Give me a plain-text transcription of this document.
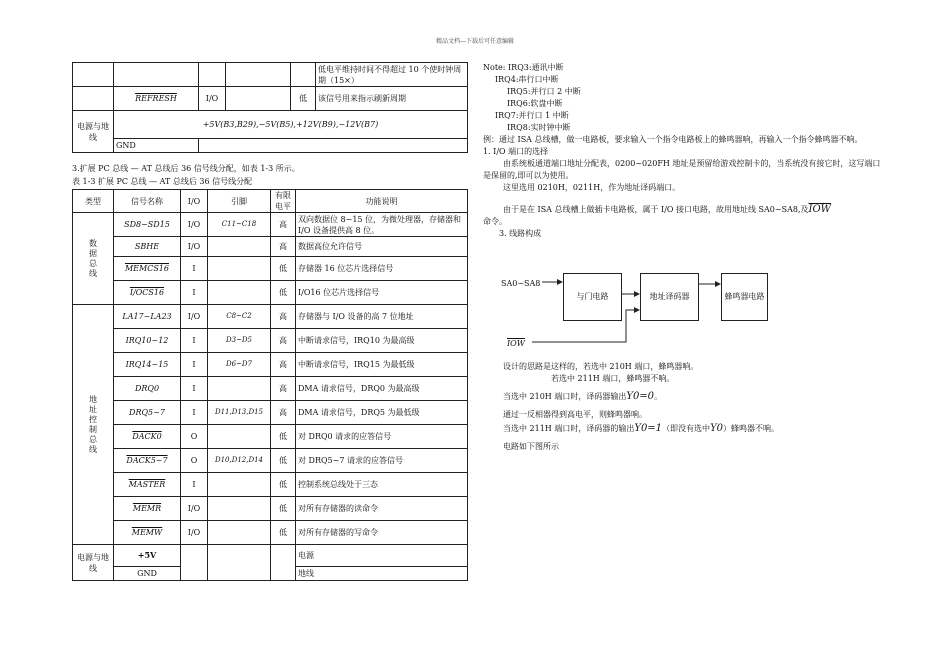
精品文档---下载后可任意编辑
					低电平维持时间不得超过 10 个使时钟周期（15×）
	REFRESH	I/O		低	该信号用来指示刷新周期
电源与地线	+5V(B3,B29),−5V(B5),+12V(B9),−12V(B7)				
	GND				
3.扩展 PC 总线 — AT 总线后 36 信号线分配，如表 1-3 所示。
表 1-3 扩展 PC 总线 — AT 总线后 36 信号线分配
类型	信号名称	I/O	引脚	有限电平	功能说明
数据总线	SD8~SD15	I/O	C11~C18	高	双向数据位 8~15 位，为微处理器，存储器和 I/O 设备提供高 8 位。
	SBHE	I/O		高	数据高位允许信号
	MEMCS16	I		低	存储器 16 位芯片选择信号
	I/OCS16	I		低	I/O16 位芯片选择信号
地址控制总线	LA17~LA23	I/O	C8~C2	高	存储器与 I/O 设备的高 7 位地址
	IRQ10~12	I	D3~D5	高	中断请求信号，IRQ10 为最高级
	IRQ14~15	I	D6~D7	高	中断请求信号，IRQ15 为最低级
	DRQ0	I		高	DMA 请求信号，DRQ0 为最高级
	DRQ5~7	I	D11,D13,D15	高	DMA 请求信号，DRQ5 为最低级
	DACK0	O		低	对 DRQ0 请求的应答信号
	DACK5~7	O	D10,D12,D14	低	对 DRQ5~7 请求的应答信号
	MASTER	I		低	控制系统总线处于三态
	MEMR	I/O		低	对所有存储器的读命令
	MEMW	I/O		低	对所有存储器的写命令
电源与地线	+5V				电源
	GND				地线
Note: IRQ3:通讯中断
IRQ4:串行口中断
IRQ5:并行口 2 中断
IRQ6:软盘中断
IRQ7:并行口 1 中断
IRQ8:实时钟中断
例：通过 ISA 总线槽，做一电路板，要求输入一个指令电路板上的蜂鸣器响，再输入一个指令蜂鸣器不响。
1. I/O 端口的选择
由系统板通道端口地址分配表，0200~020FH 地址是预留给游戏控制卡的，当系统没有接它时，这写端口是保留的,即可以为使用。
这里选用 0210H，0211H，作为地址译码端口。
由于是在 ISA 总线槽上做插卡电路板，属于 I/O 接口电路，故用地址线 SA0~SA8,及$\overline{IOW}$
命令。
3. 线路构成
SA0~SA8
$\overline{IOW}$
与门电路	地址译码器	蜂鸣器电路
设计的思路是这样的，若选中 210H 端口，蜂鸣器响。
若选中 211H 端口，蜂鸣器不响。
当选中 210H 端口时，译码器输出Y0=0。
通过一反相器得到高电平，则蜂鸣器响。
当选中 211H 端口时，译码器的输出Y0=1（即没有选中Y0）蜂鸣器不响。
电路如下图所示
